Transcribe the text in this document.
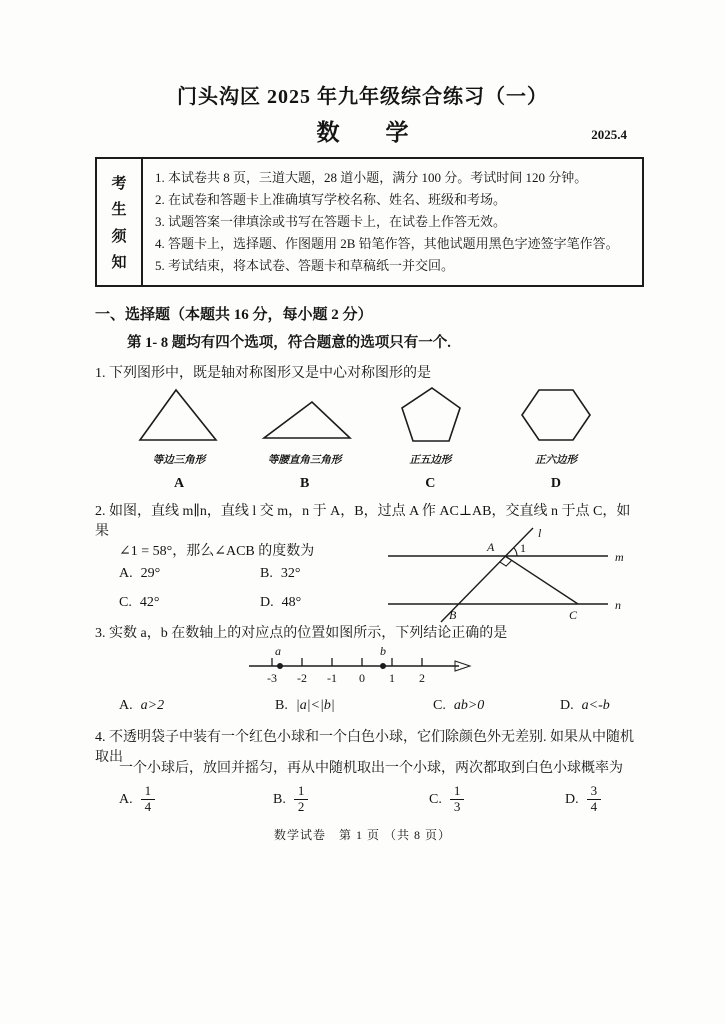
门头沟区 2025 年九年级综合练习（一）
数　　学	2025.4
考
生
须
知
1. 本试卷共 8 页，三道大题，28 道小题，满分 100 分。考试时间 120 分钟。
2. 在试卷和答题卡上准确填写学校名称、姓名、班级和考场。
3. 试题答案一律填涂或书写在答题卡上，在试卷上作答无效。
4. 答题卡上，选择题、作图题用 2B 铅笔作答，其他试题用黑色字迹签字笔作答。
5. 考试结束，将本试卷、答题卡和草稿纸一并交回。
一、选择题（本题共 16 分，每小题 2 分）
第 1- 8 题均有四个选项，符合题意的选项只有一个.
1. 下列图形中，既是轴对称图形又是中心对称图形的是
等边三角形
A
等腰直角三角形
B
正五边形
C
正六边形
D
2. 如图，直线 m∥n，直线 l 交 m，n 于 A，B，过点 A 作 AC⊥AB，交直线 n 于点 C，如果
∠1 = 58°，那么∠ACB 的度数为
l
m
n
A 1
B	C
A. 29°	B. 32°
C. 42°	D. 48°
3. 实数 a，b 在数轴上的对应点的位置如图所示，下列结论正确的是
a	b
-3 -2 -1 0 1 2
A. a>2	B. |a|<|b|	C. ab>0	D. a<-b
4. 不透明袋子中装有一个红色小球和一个白色小球，它们除颜色外无差别. 如果从中随机取出
一个小球后，放回并摇匀，再从中随机取出一个小球，两次都取到白色小球概率为
A. $\frac{1}{4}$	B. $\frac{1}{2}$	C. $\frac{1}{3}$	D. $\frac{3}{4}$
数学试卷　第 1 页 （共 8 页）
